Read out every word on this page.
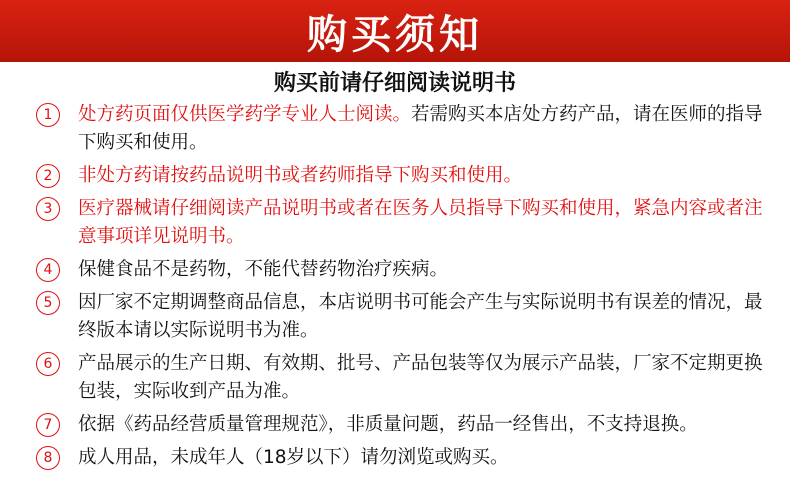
购买须知
购买前请仔细阅读说明书
1	处方药页面仅供医学药学专业人士阅读。若需购买本店处方药产品，请在医师的指导下购买和使用。
2	非处方药请按药品说明书或者药师指导下购买和使用。
3	医疗器械请仔细阅读产品说明书或者在医务人员指导下购买和使用，紧急内容或者注意事项详见说明书。
4	保健食品不是药物，不能代替药物治疗疾病。
5	因厂家不定期调整商品信息，本店说明书可能会产生与实际说明书有误差的情况，最终版本请以实际说明书为准。
6	产品展示的生产日期、有效期、批号、产品包装等仅为展示产品装，厂家不定期更换包装，实际收到产品为准。
7	依据《药品经营质量管理规范》，非质量问题，药品一经售出，不支持退换。
8	成人用品，未成年人（18岁以下）请勿浏览或购买。
